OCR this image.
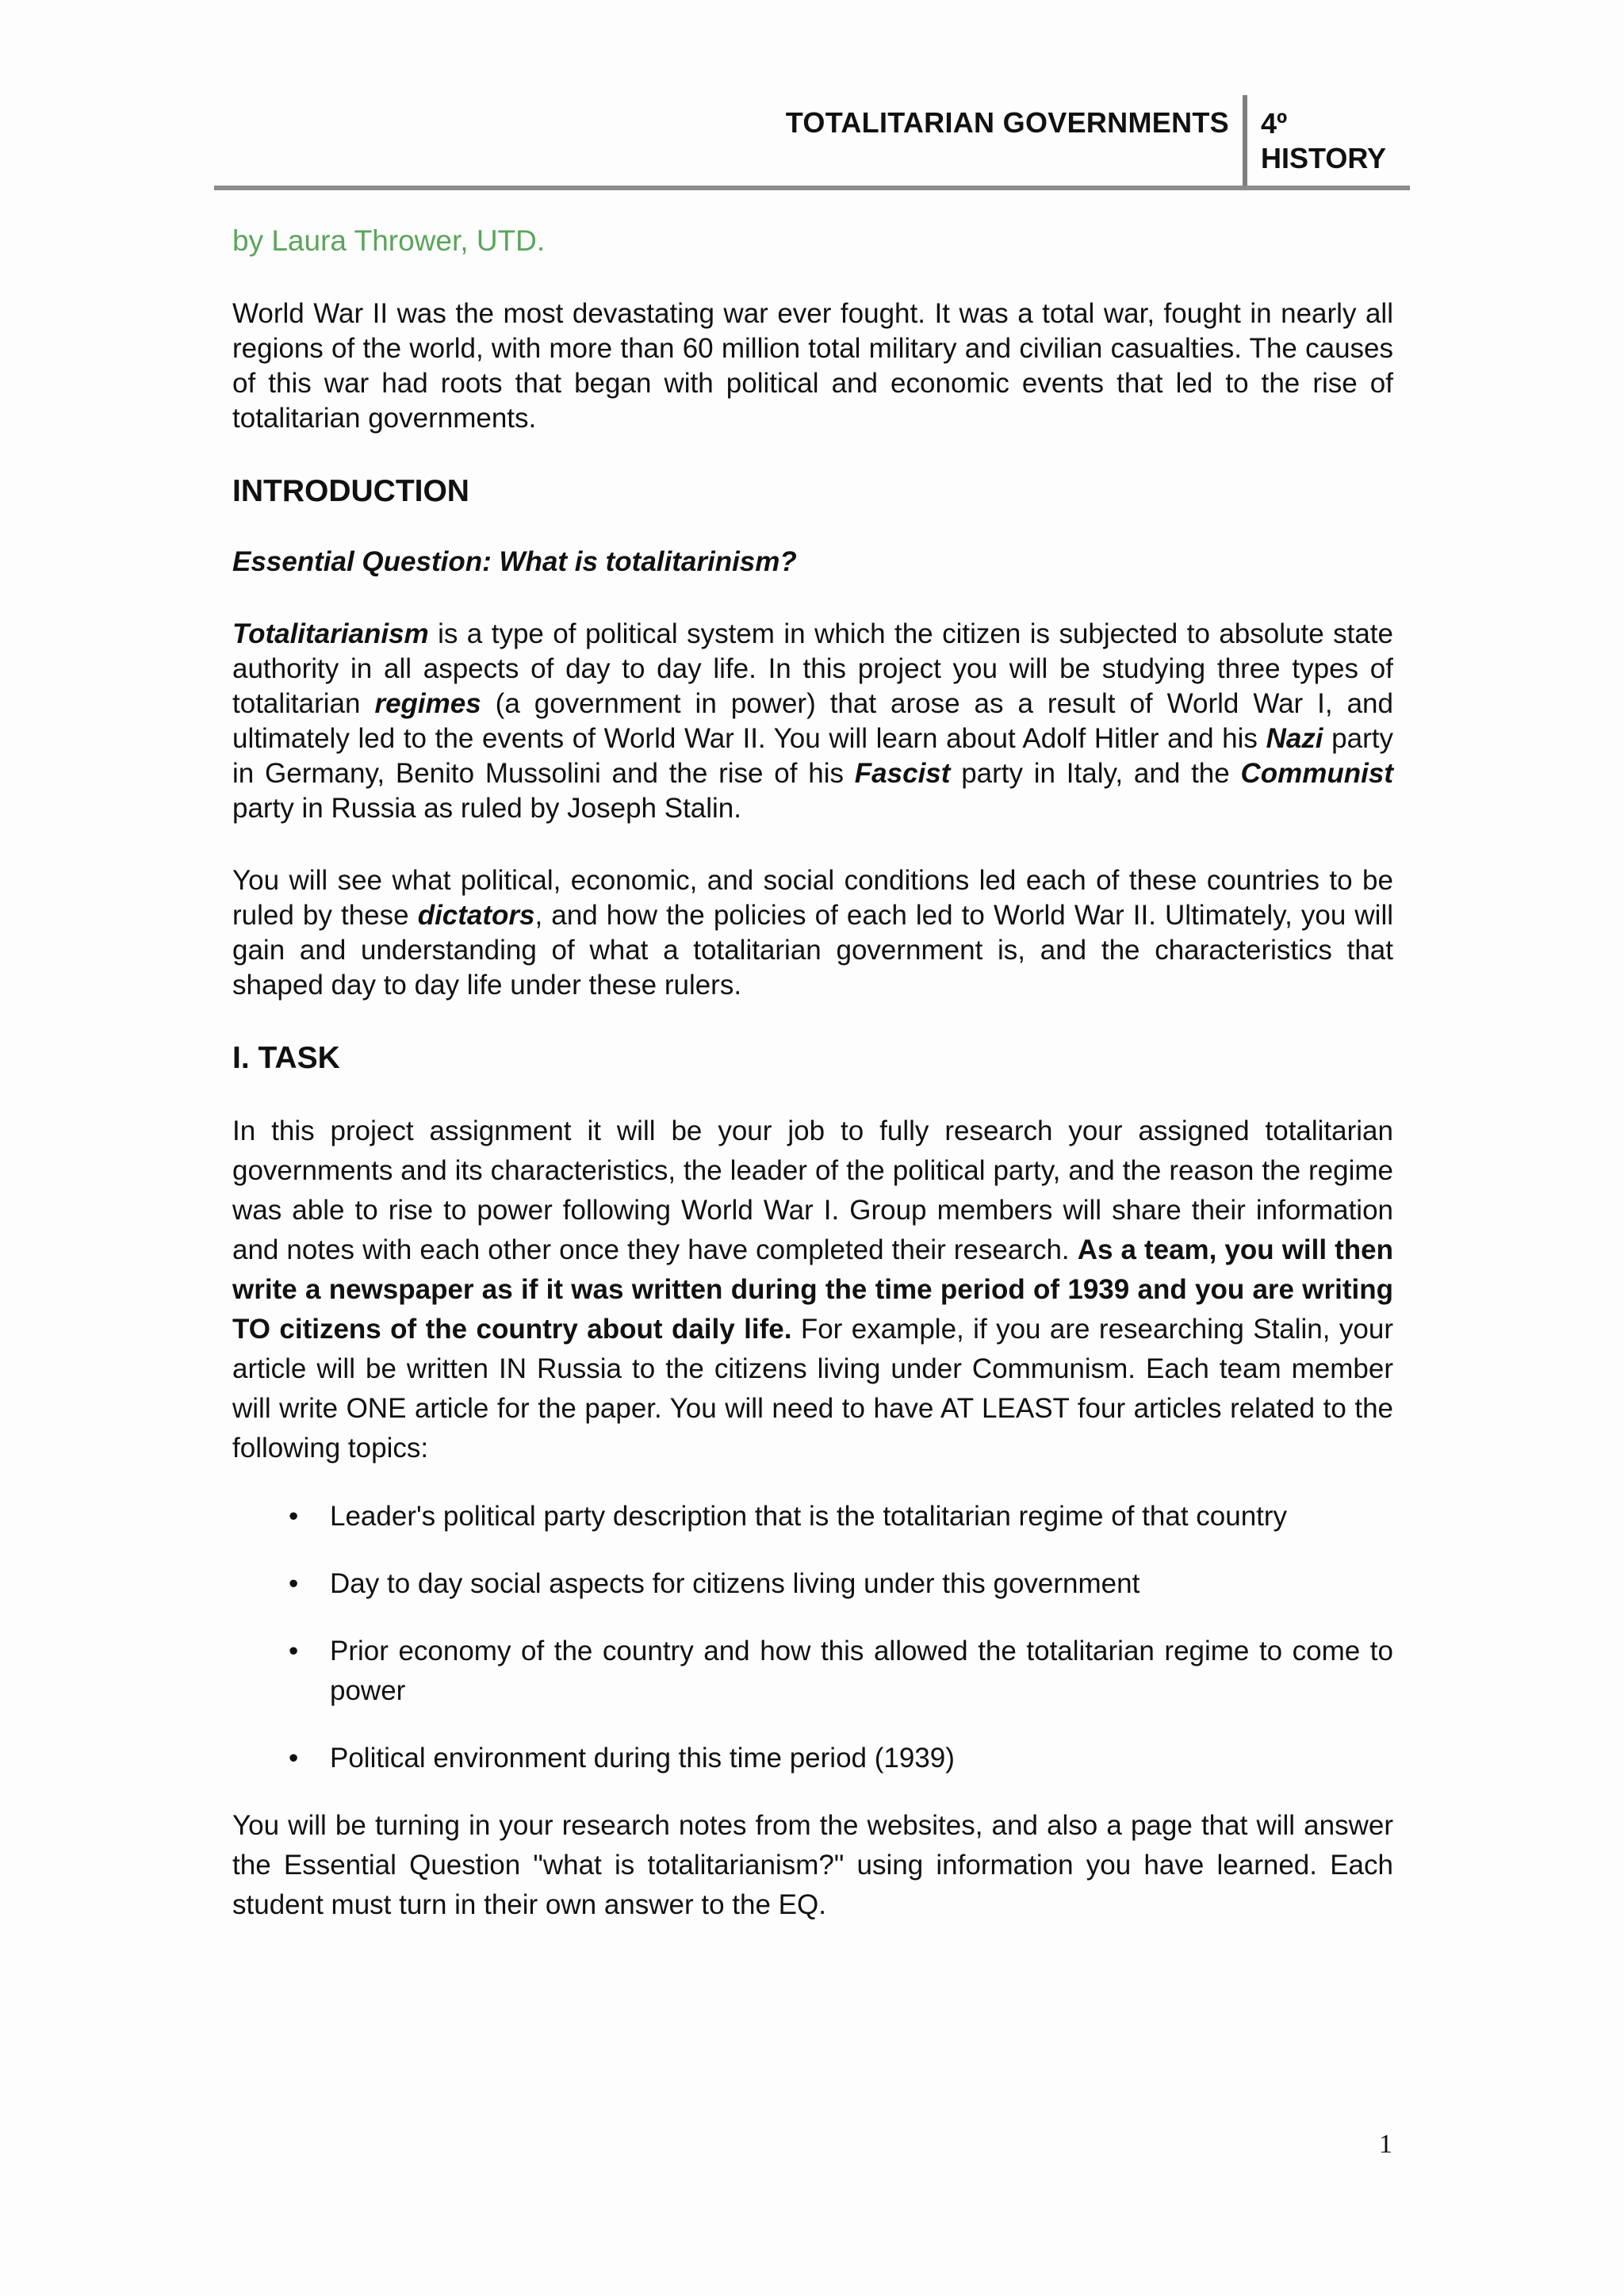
TOTALITARIAN GOVERNMENTS 4º
HISTORY
by Laura Thrower, UTD.

World War II was the most devastating war ever fought. It was a total war, fought in nearly all regions of the world, with more than 60 million total military and civilian casualties. The causes of this war had roots that began with political and economic events that led to the rise of totalitarian governments.

INTRODUCTION
Essential Question: What is totalitarinism?

Totalitarianism is a type of political system in which the citizen is subjected to absolute state authority in all aspects of day to day life. In this project you will be studying three types of totalitarian regimes (a government in power) that arose as a result of World War I, and ultimately led to the events of World War II. You will learn about Adolf Hitler and his Nazi party in Germany, Benito Mussolini and the rise of his Fascist party in Italy, and the Communist party in Russia as ruled by Joseph Stalin.

You will see what political, economic, and social conditions led each of these countries to be ruled by these dictators, and how the policies of each led to World War II. Ultimately, you will gain and understanding of what a totalitarian government is, and the characteristics that shaped day to day life under these rulers.

I. TASK

In this project assignment it will be your job to fully research your assigned totalitarian governments and its characteristics, the leader of the political party, and the reason the regime was able to rise to power following World War I. Group members will share their information and notes with each other once they have completed their research. As a team, you will then write a newspaper as if it was written during the time period of 1939 and you are writing TO citizens of the country about daily life. For example, if you are researching Stalin, your article will be written IN Russia to the citizens living under Communism. Each team member will write ONE article for the paper. You will need to have AT LEAST four articles related to the following topics:

• Leader's political party description that is the totalitarian regime of that country
• Day to day social aspects for citizens living under this government
• Prior economy of the country and how this allowed the totalitarian regime to come to power
• Political environment during this time period (1939)

You will be turning in your research notes from the websites, and also a page that will answer the Essential Question "what is totalitarianism?" using information you have learned. Each student must turn in their own answer to the EQ.

1
